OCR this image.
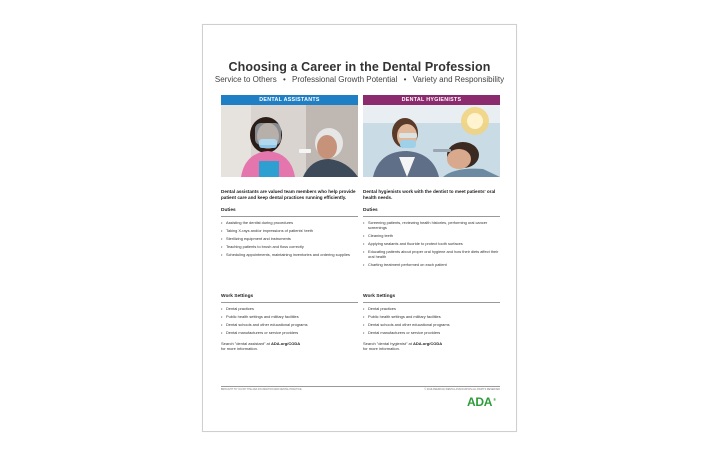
Choosing a Career in the Dental Profession
Service to Others • Professional Growth Potential • Variety and Responsibility
DENTAL ASSISTANTS
Dental assistants are valued team members who help provide patient care and keep dental practices running efficiently.
Duties
• Assisting the dentist during procedures
• Taking X-rays and/or impressions of patients' teeth
• Sterilizing equipment and instruments
• Teaching patients to brush and floss correctly
• Scheduling appointments, maintaining inventories and ordering supplies
Work Settings
• Dental practices
• Public health settings and military facilities
• Dental schools and other educational programs
• Dental manufacturers or service providers
Search "dental assistant" at ADA.org/CODA
for more information.
DENTAL HYGIENISTS
Dental hygienists work with the dentist to meet patients' oral health needs.
Duties
• Screening patients, reviewing health histories, performing oral cancer screenings
• Cleaning teeth
• Applying sealants and fluoride to protect tooth surfaces
• Educating patients about proper oral hygiene and how their diets affect their oral health
• Charting treatment performed on each patient
Work Settings
• Dental practices
• Public health settings and military facilities
• Dental schools and other educational programs
• Dental manufacturers or service providers
Search "dental hygienist" at ADA.org/CODA
for more information.
BROUGHT TO YOU BY THE ADA FOUNDATION AND DENTAL PRACTICE	© 2019 AMERICAN DENTAL ASSOCIATION ALL RIGHTS RESERVED
ADA®
